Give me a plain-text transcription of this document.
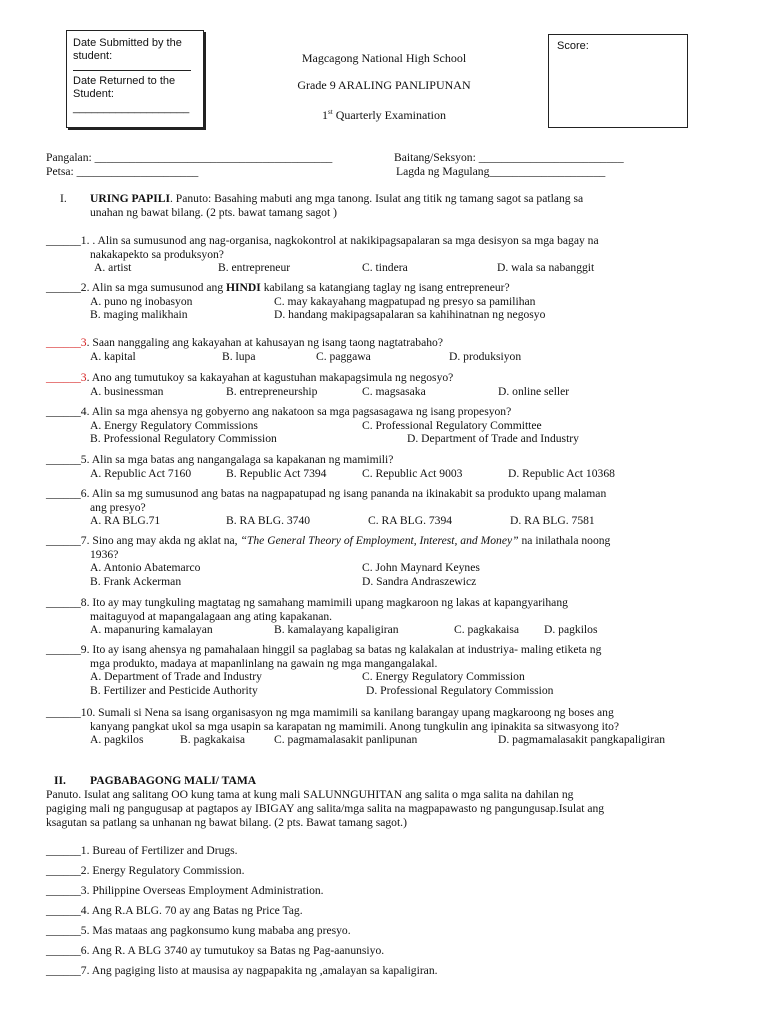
Date Submitted by the student:
Date Returned to the Student:
___________________
Score:
Magcagong National High School
Grade 9 ARALING PANLIPUNAN
1st Quarterly Examination
Pangalan: _________________________________________	Baitang/Seksyon: _________________________
Petsa: _____________________	Lagda ng Magulang____________________
I. URING PAPILI. Panuto: Basahing mabuti ang mga tanong. Isulat ang titik ng tamang sagot sa patlang sa
unahan ng bawat bilang. (2 pts. bawat tamang sagot )
______1. . Alin sa sumusunod ang nag-organisa, nagkokontrol at nakikipagsapalaran sa mga desisyon sa mga bagay na
nakakapekto sa produksyon?
A. artist	B. entrepreneur	C. tindera	D. wala sa nabanggit
______2. Alin sa mga sumusunod ang HINDI kabilang sa katangiang taglay ng isang entrepreneur?
A. puno ng inobasyon	C. may kakayahang magpatupad ng presyo sa pamilihan
B. maging malikhain	D. handang makipagsapalaran sa kahihinatnan ng negosyo
______3. Saan nanggaling ang kakayahan at kahusayan ng isang taong nagtatrabaho?
A. kapital	B. lupa	C. paggawa	D. produksiyon
______3. Ano ang tumutukoy sa kakayahan at kagustuhan makapagsimula ng negosyo?
A. businessman	B. entrepreneurship	C. magsasaka	D. online seller
______4. Alin sa mga ahensya ng gobyerno ang nakatoon sa mga pagsasagawa ng isang propesyon?
A. Energy Regulatory Commissions	C. Professional Regulatory Committee
B. Professional Regulatory Commission	D. Department of Trade and Industry
______5. Alin sa mga batas ang nangangalaga sa kapakanan ng mamimili?
A. Republic Act 7160	B. Republic Act 7394	C. Republic Act 9003	D. Republic Act 10368
______6. Alin sa mg sumusunod ang batas na nagpapatupad ng isang pananda na ikinakabit sa produkto upang malaman
ang presyo?
A. RA BLG.71	B. RA BLG. 3740	C. RA BLG. 7394	D. RA BLG. 7581
______7. Sino ang may akda ng aklat na, “The General Theory of Employment, Interest, and Money” na inilathala noong
1936?
A. Antonio Abatemarco	C. John Maynard Keynes
B. Frank Ackerman	D. Sandra Andraszewicz
______8. Ito ay may tungkuling magtatag ng samahang mamimili upang magkaroon ng lakas at kapangyarihang
maitaguyod at mapangalagaan ang ating kapakanan.
A. mapanuring kamalayan	B. kamalayang kapaligiran	C. pagkakaisa D. pagkilos
______9. Ito ay isang ahensya ng pamahalaan hinggil sa paglabag sa batas ng kalakalan at industriya- maling etiketa ng
mga produkto, madaya at mapanlinlang na gawain ng mga mangangalakal.
A. Department of Trade and Industry	C. Energy Regulatory Commission
B. Fertilizer and Pesticide Authority	D. Professional Regulatory Commission
______10. Sumali si Nena sa isang organisasyon ng mga mamimili sa kanilang barangay upang magkaroong ng boses ang
kanyang pangkat ukol sa mga usapin sa karapatan ng mamimili. Anong tungkulin ang ipinakita sa sitwasyong ito?
A. pagkilos	B. pagkakaisa C. pagmamalasakit panlipunan	D. pagmamalasakit pangkapaligiran
II. PAGBABAGONG MALI/ TAMA
Panuto. Isulat ang salitang OO kung tama at kung mali SALUNNGUHITAN ang salita o mga salita na dahilan ng
pagiging mali ng pangugusap at pagtapos ay IBIGAY ang salita/mga salita na magpapawasto ng pangungusap.Isulat ang
ksagutan sa patlang sa unhanan ng bawat bilang. (2 pts. Bawat tamang sagot.)
______1. Bureau of Fertilizer and Drugs.
______2. Energy Regulatory Commission.
______3. Philippine Overseas Employment Administration.
______4. Ang R.A BLG. 70 ay ang Batas ng Price Tag.
______5. Mas mataas ang pagkonsumo kung mababa ang presyo.
______6. Ang R. A BLG 3740 ay tumutukoy sa Batas ng Pag-aanunsiyo.
______7. Ang pagiging listo at mausisa ay nagpapakita ng ,amalayan sa kapaligiran.
